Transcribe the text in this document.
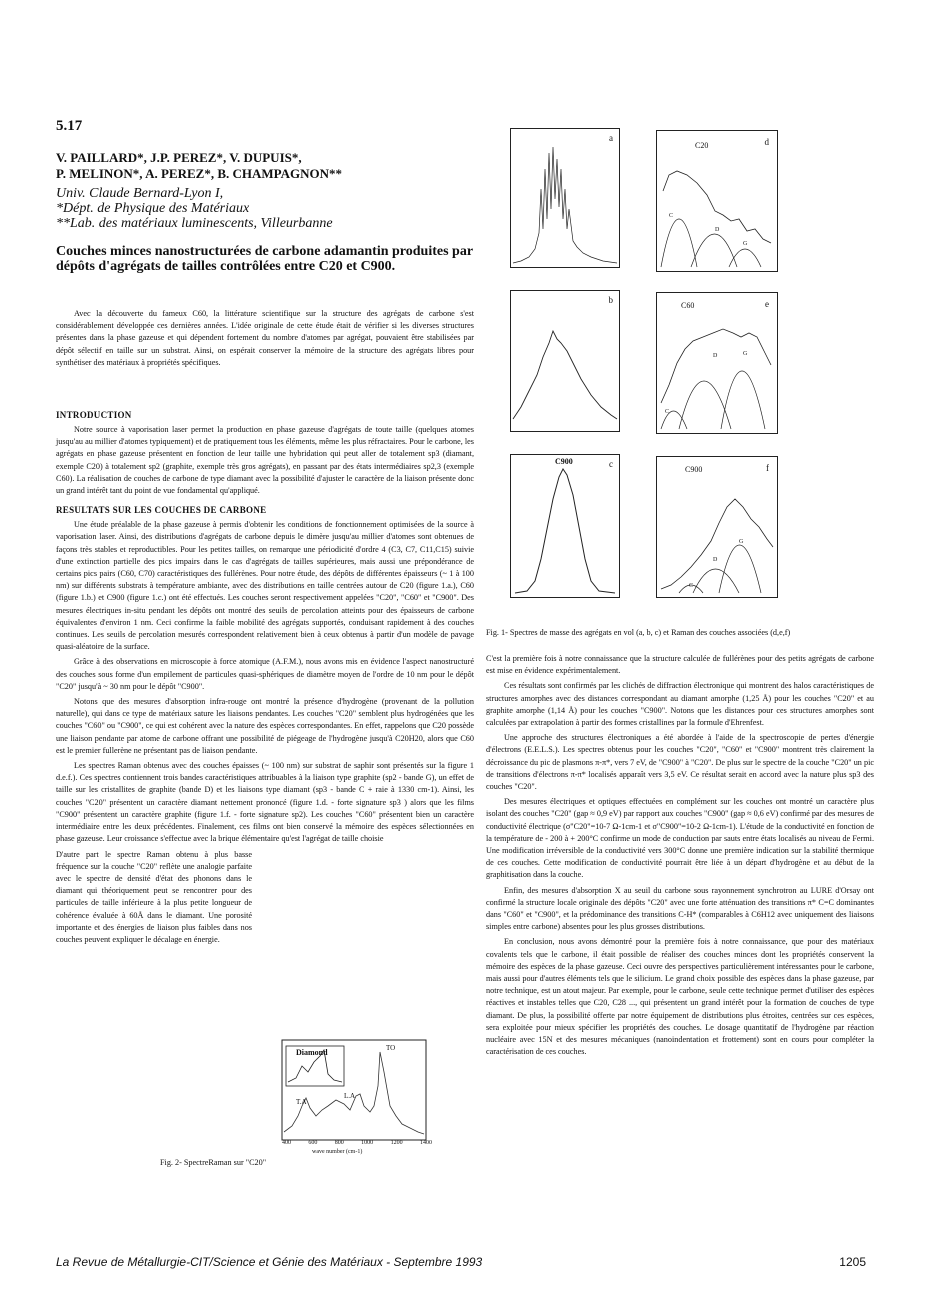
5.17
V. PAILLARD*, J.P. PEREZ*, V. DUPUIS*,
P. MELINON*, A. PEREZ*, B. CHAMPAGNON**
Univ. Claude Bernard-Lyon I,
*Dépt. de Physique des Matériaux
**Lab. des matériaux luminescents, Villeurbanne
Couches minces nanostructurées de carbone adamantin produites par dépôts d'agrégats de tailles contrôlées entre C20 et C900.

Avec la découverte du fameux C60, la littérature scientifique sur la structure des agrégats de carbone s'est considérablement développée ces dernières années. L'idée originale de cette étude était de vérifier si les diverses structures présentes dans la phase gazeuse et qui dépendent fortement du nombre d'atomes par agrégat, pouvaient être stabilisées par dépôt sélectif en taille sur un substrat. Ainsi, on espérait conserver la mémoire de la structure des agrégats libres pour synthétiser des matériaux à propriétés spécifiques.

INTRODUCTION

Notre source à vaporisation laser permet la production en phase gazeuse d'agrégats de toute taille (quelques atomes jusqu'au au millier d'atomes typiquement) et de pratiquement tous les éléments, même les plus réfractaires. Pour le carbone, les agrégats en phase gazeuse présentent en fonction de leur taille une hybridation qui peut aller de totalement sp3 (diamant, exemple C20) à totalement sp2 (graphite, exemple très gros agrégats), en passant par des états intermédiaires sp2,3 (exemple C60). La réalisation de couches de carbone de type diamant avec la possibilité d'ajuster le caractère de la liaison présente donc un grand intérêt tant du point de vue fondamental qu'appliqué.

RESULTATS SUR LES COUCHES DE CARBONE

Une étude préalable de la phase gazeuse à permis d'obtenir les conditions de fonctionnement optimisées de la source à vaporisation laser. Ainsi, des distributions d'agrégats de carbone depuis le dimère jusqu'au millier d'atomes sont obtenues de façons très stables et reproductibles. Pour les petites tailles, on remarque une périodicité d'ordre 4 (C3, C7, C11,C15) suivie d'une extinction partielle des pics impairs dans le cas d'agrégats de tailles supérieures, mais aussi une prépondérance de certains pics pairs (C60, C70) caractéristiques des fullérènes. Pour notre étude, des dépôts de différentes épaisseurs (~ 1 à 100 nm) sur différents substrats à température ambiante, avec des distributions en taille centrées autour de C20 (figure 1.a.), C60 (figure 1.b.) et C900 (figure 1.c.) ont été effectués. Les couches seront respectivement appelées "C20", "C60" et "C900". Des mesures électriques in-situ pendant les dépôts ont montré des seuils de percolation atteints pour des épaisseurs de carbone équivalentes d'environ 1 nm. Ceci confirme la faible mobilité des agrégats supportés, conduisant rapidement à des couches continues. Les seuils de percolation mesurés correspondent relativement bien à ceux obtenus à partir d'un modèle de pavage quasi-aléatoire de la surface.

Grâce à des observations en microscopie à force atomique (A.F.M.), nous avons mis en évidence l'aspect nanostructuré des couches sous forme d'un empilement de particules quasi-sphériques de diamètre moyen de l'ordre de 10 nm pour le dépôt "C20" jusqu'à ~ 30 nm pour le dépôt "C900".

Notons que des mesures d'absorption infra-rouge ont montré la présence d'hydrogène (provenant de la pollution naturelle), qui dans ce type de matériaux sature les liaisons pendantes. Les couches "C20" semblent plus hydrogénées que les couches "C60" ou "C900", ce qui est cohérent avec la nature des espèces correspondantes. En effet, rappelons que C20 possède une liaison pendante par atome de carbone offrant une possibilité de piégeage de l'hydrogène jusqu'à C20H20, alors que C60 est le premier fullerène ne présentant pas de liaison pendante.

Les spectres Raman obtenus avec des couches épaisses (~ 100 nm) sur substrat de saphir sont présentés sur la figure 1 d.e.f.). Ces spectres contiennent trois bandes caractéristiques attribuables à la liaison type graphite (sp2 - bande G), un effet de taille sur les cristallites de graphite (bande D) et les liaisons type diamant (sp3 - bande C + raie à 1330 cm-1). Ainsi, les couches "C20" présentent un caractère diamant nettement prononcé (figure 1.d. - forte signature sp3 ) alors que les films "C900" présentent un caractère graphite (figure 1.f. - forte signature sp2). Les couches "C60" présentent bien un caractère intermédiaire entre les deux précédentes. Finalement, ces films ont bien conservé la mémoire des espèces sélectionnées en phase gazeuse. Leur croissance s'effectue avec la brique élémentaire qu'est l'agrégat de taille choisie

D'autre part le spectre Raman obtenu à plus basse fréquence sur la couche "C20" reflète une analogie parfaite avec le spectre de densité d'état des phonons dans le diamant qui théoriquement peut se rencontrer pour des particules de taille inférieure à la plus petite longueur de cohérence évaluée à 60Å dans le diamant. Une porosité importante et des énergies de liaison plus faibles dans nos couches peuvent expliquer le décalage en énergie.

Diamond
T.A
L.A
TO
400	600	800	1000	1200	1400
wave number (cm-1)
Fig. 2- SpectreRaman sur "C20"
a
b
C900	c
C20	d
C
D
G
C60	e
C
D	G
C900	f
C
D
G
Fig. 1- Spectres de masse des agrégats en vol (a, b, c) et Raman des couches associées (d,e,f)

C'est la première fois à notre connaissance que la structure calculée de fullérènes pour des petits agrégats de carbone est mise en évidence expérimentalement.

Ces résultats sont confirmés par les clichés de diffraction électronique qui montrent des halos caractéristiques de structures amorphes avec des distances correspondant au diamant amorphe (1,25 Å) pour les couches "C20" et au graphite amorphe (1,14 Å) pour les couches "C900". Notons que les distances pour ces structures amorphes sont calculées par extrapolation à partir des formes cristallines par la formule d'Ehrenfest.

Une approche des structures électroniques a été abordée à l'aide de la spectroscopie de pertes d'énergie d'électrons (E.E.L.S.). Les spectres obtenus pour les couches "C20", "C60" et "C900" montrent très clairement la décroissance du pic de plasmons π-π*, vers 7 eV, de "C900" à "C20". De plus sur le spectre de la couche "C20" un pic de transitions d'électrons π-π* localisés apparaît vers 3,5 eV. Ce résultat serait en accord avec la nature plus sp3 des couches "C20".

Des mesures électriques et optiques effectuées en complément sur les couches ont montré un caractère plus isolant des couches "C20" (gap ≈ 0,9 eV) par rapport aux couches "C900" (gap ≈ 0,6 eV) confirmé par des mesures de conductivité électrique (σ"C20"=10-7 Ω-1cm-1 et σ"C900"=10-2 Ω-1cm-1). L'étude de la conductivité en fonction de la température de - 200 à + 200°C confirme un mode de conduction par sauts entre états localisés au niveau de Fermi. Une modification irréversible de la conductivité vers 300°C donne une première indication sur la stabilité thermique de ces couches. Cette modification de conductivité pourrait être liée à un départ d'hydrogène et au début de la graphitisation dans la couche.

Enfin, des mesures d'absorption X au seuil du carbone sous rayonnement synchrotron au LURE d'Orsay ont confirmé la structure locale originale des dépôts "C20" avec une forte atténuation des transitions π* C=C dominantes dans "C60" et "C900", et la prédominance des transitions C-H* (comparables à C6H12 avec uniquement des liaisons simples entre carbone) absentes pour les plus grosses distributions.

En conclusion, nous avons démontré pour la première fois à notre connaissance, que pour des matériaux covalents tels que le carbone, il était possible de réaliser des couches minces dont les propriétés conservent la mémoire des espèces de la phase gazeuse. Ceci ouvre des perspectives particulièrement intéressantes pour le carbone, mais aussi pour d'autres éléments tels que le silicium. Le grand choix possible des espèces dans la phase gazeuse, par notre technique, est un atout majeur. Par exemple, pour le carbone, seule cette technique permet d'utiliser des espèces réactives et instables telles que C20, C28 ..., qui présentent un grand intérêt pour la formation de couches de type diamant. De plus, la possibilité offerte par notre équipement de distributions plus étroites, centrées sur ces espèces, sera exploitée pour mieux spécifier les propriétés des couches. Le dosage quantitatif de l'hydrogène par réaction nucléaire avec 15N et des mesures mécaniques (nanoindentation et frottement) sont en cours pour compléter la caractérisation de ces couches.

La Revue de Métallurgie-CIT/Science et Génie des Matériaux - Septembre 1993	1205
